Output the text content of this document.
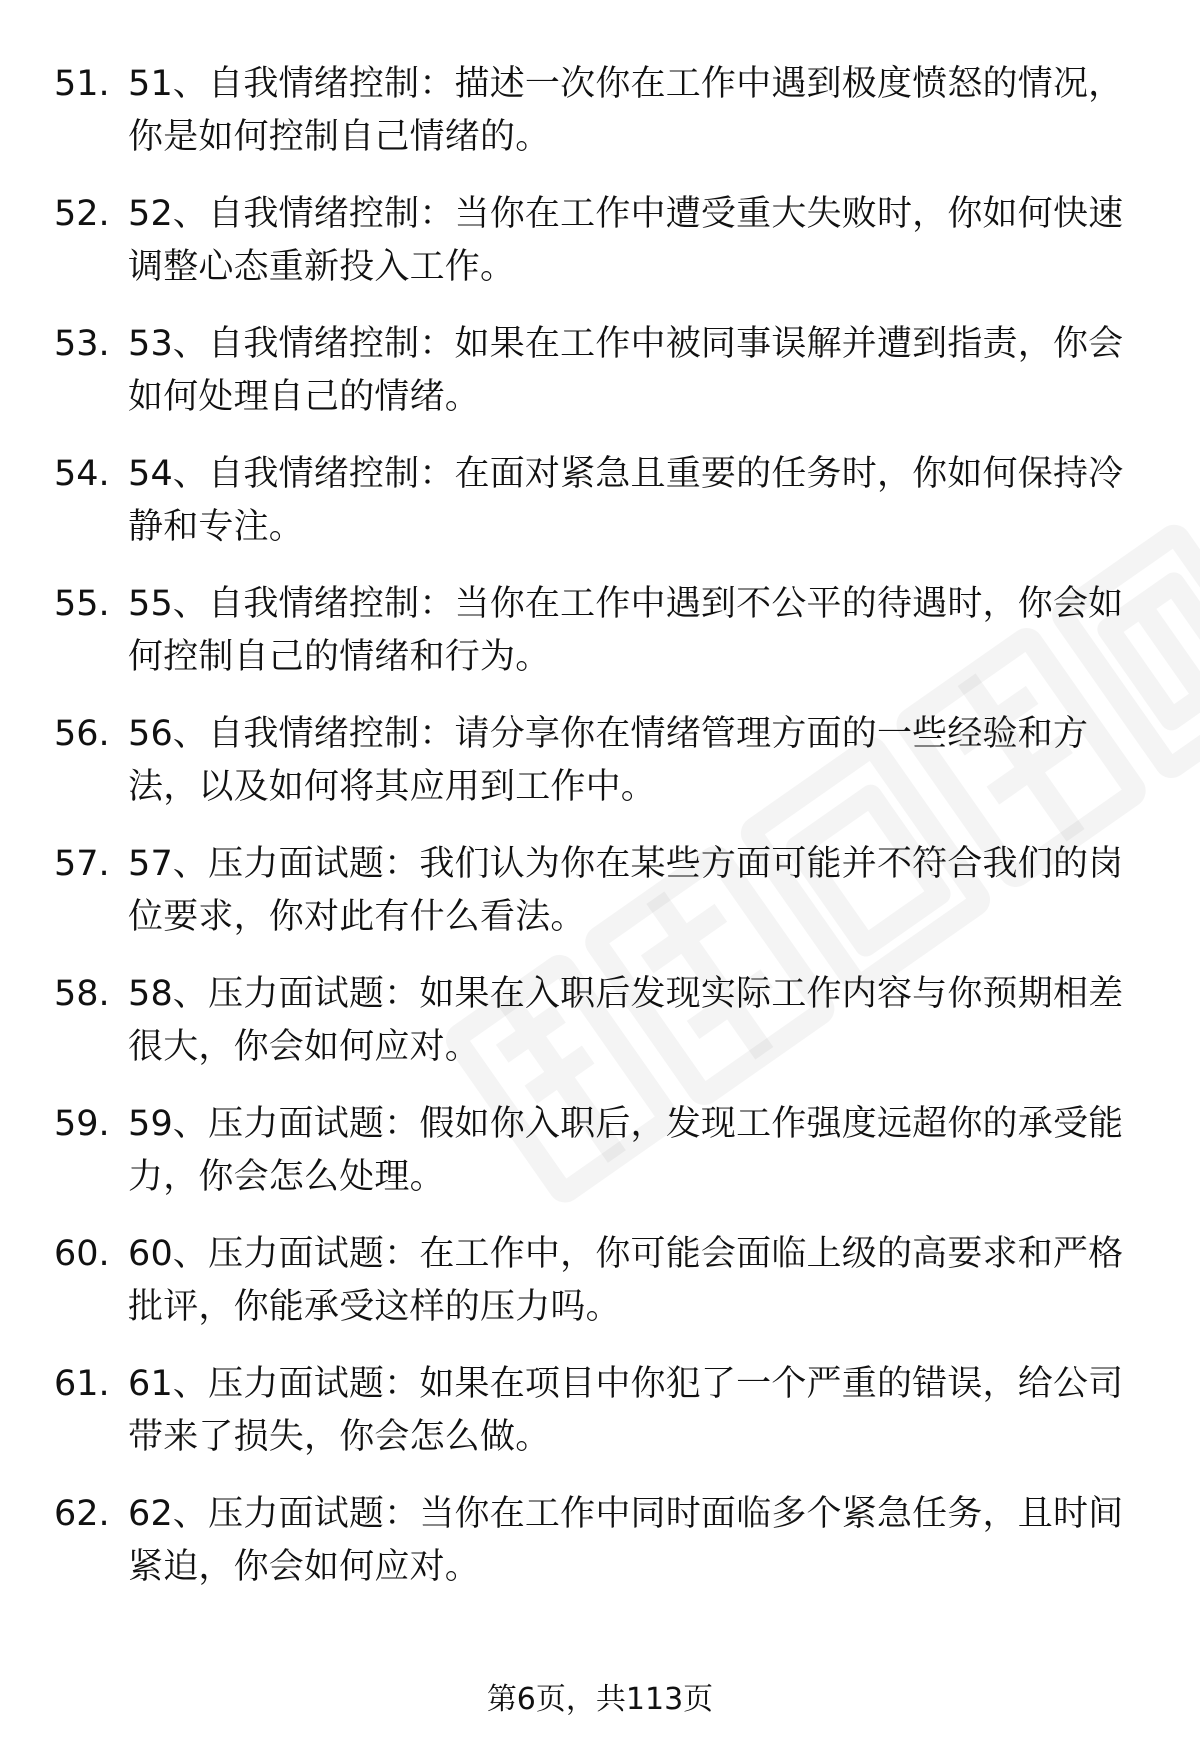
51. 51、自我情绪控制：描述一次你在工作中遇到极度愤怒的情况，你是如何控制自己情绪的。
52. 52、自我情绪控制：当你在工作中遭受重大失败时，你如何快速调整心态重新投入工作。
53. 53、自我情绪控制：如果在工作中被同事误解并遭到指责，你会如何处理自己的情绪。
54. 54、自我情绪控制：在面对紧急且重要的任务时，你如何保持冷静和专注。
55. 55、自我情绪控制：当你在工作中遇到不公平的待遇时，你会如何控制自己的情绪和行为。
56. 56、自我情绪控制：请分享你在情绪管理方面的一些经验和方法，以及如何将其应用到工作中。
57. 57、压力面试题：我们认为你在某些方面可能并不符合我们的岗位要求，你对此有什么看法。
58. 58、压力面试题：如果在入职后发现实际工作内容与你预期相差很大，你会如何应对。
59. 59、压力面试题：假如你入职后，发现工作强度远超你的承受能力，你会怎么处理。
60. 60、压力面试题：在工作中，你可能会面临上级的高要求和严格批评，你能承受这样的压力吗。
61. 61、压力面试题：如果在项目中你犯了一个严重的错误，给公司带来了损失，你会怎么做。
62. 62、压力面试题：当你在工作中同时面临多个紧急任务，且时间紧迫，你会如何应对。
第6页，共113页
